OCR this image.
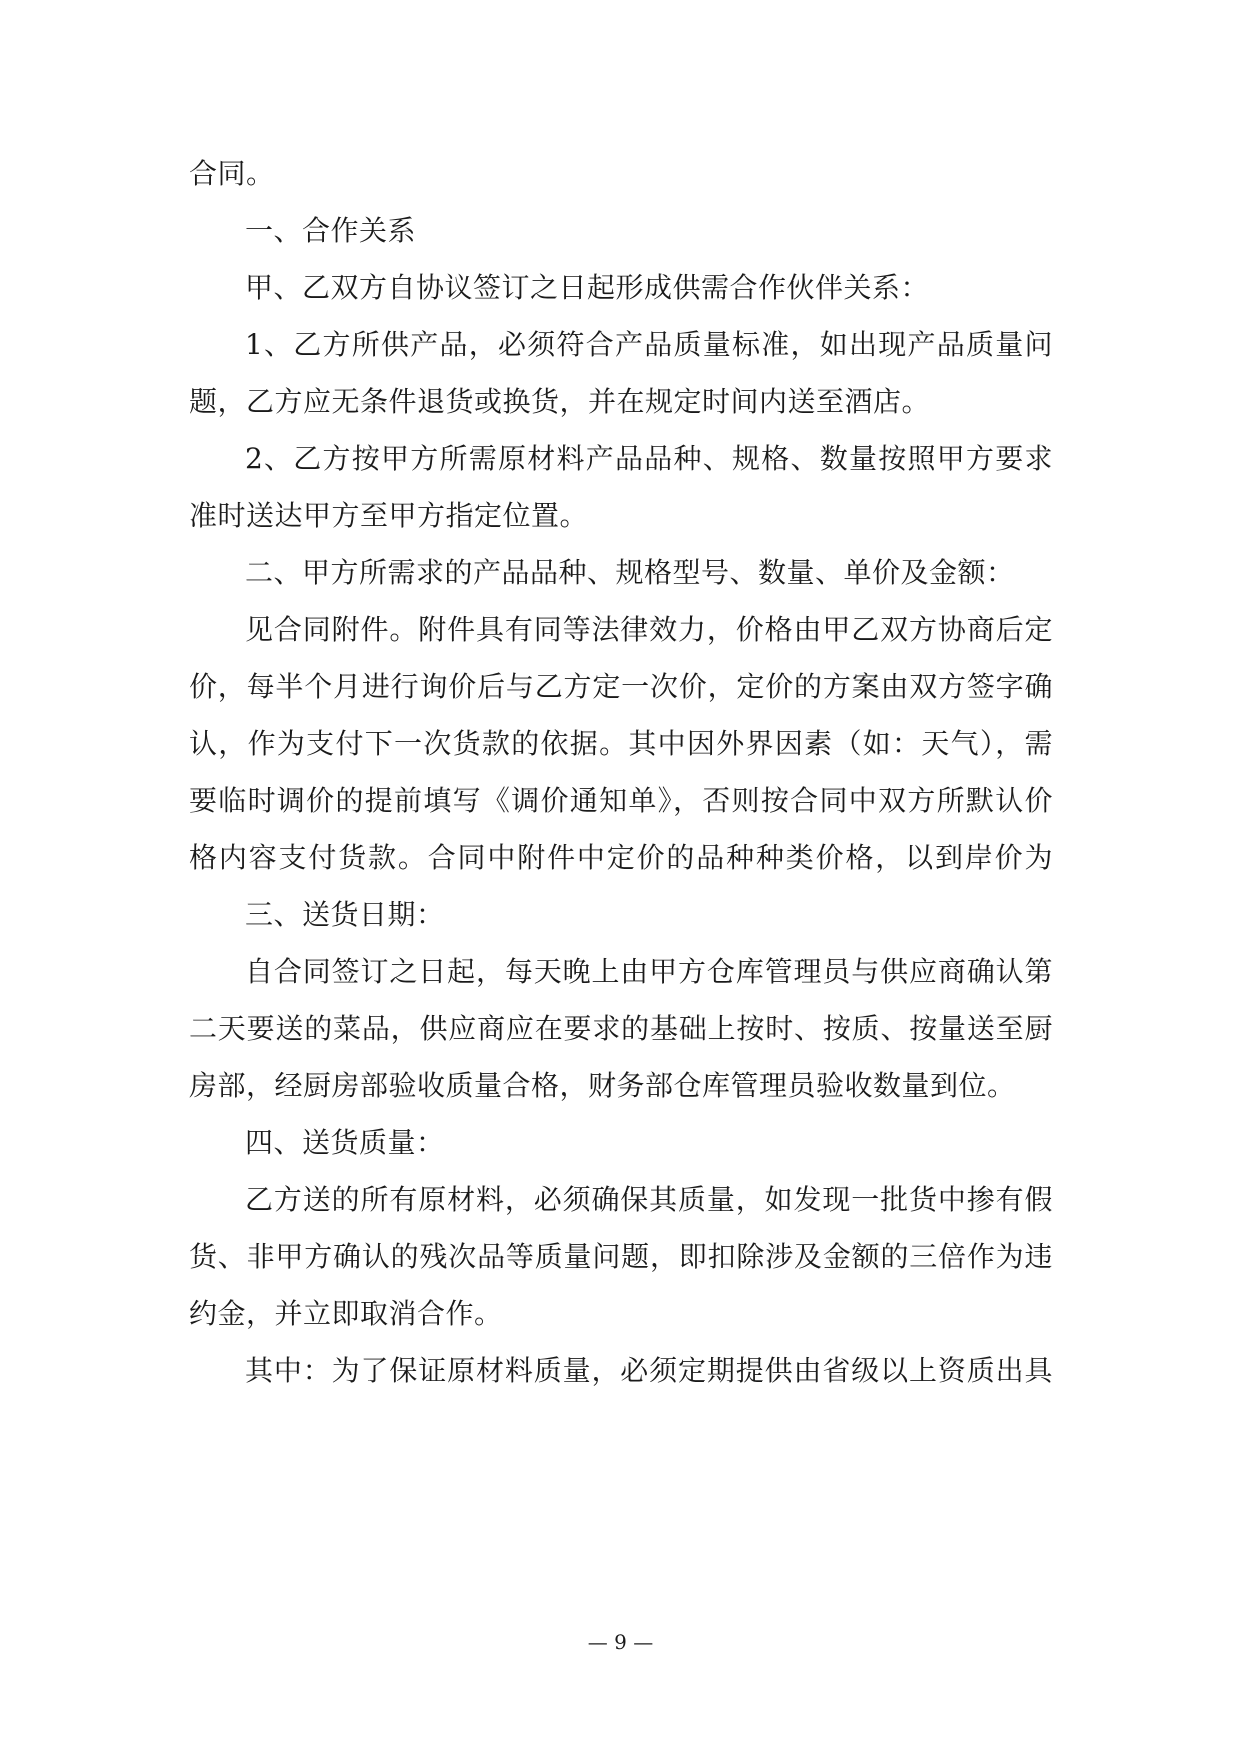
合同。
一、合作关系
甲、乙双方自协议签订之日起形成供需合作伙伴关系：
1、乙方所供产品，必须符合产品质量标准，如出现产品质量问
题，乙方应无条件退货或换货，并在规定时间内送至酒店。
2、乙方按甲方所需原材料产品品种、规格、数量按照甲方要求
准时送达甲方至甲方指定位置。
二、甲方所需求的产品品种、规格型号、数量、单价及金额：
见合同附件。附件具有同等法律效力，价格由甲乙双方协商后定
价，每半个月进行询价后与乙方定一次价，定价的方案由双方签字确
认，作为支付下一次货款的依据。其中因外界因素（如：天气），需
要临时调价的提前填写《调价通知单》，否则按合同中双方所默认价
格内容支付货款。合同中附件中定价的品种种类价格，以到岸价为
三、送货日期：
自合同签订之日起，每天晚上由甲方仓库管理员与供应商确认第
二天要送的菜品，供应商应在要求的基础上按时、按质、按量送至厨
房部，经厨房部验收质量合格，财务部仓库管理员验收数量到位。
四、送货质量：
乙方送的所有原材料，必须确保其质量，如发现一批货中掺有假
货、非甲方确认的残次品等质量问题，即扣除涉及金额的三倍作为违
约金，并立即取消合作。
其中：为了保证原材料质量，必须定期提供由省级以上资质出具
— 9 —
